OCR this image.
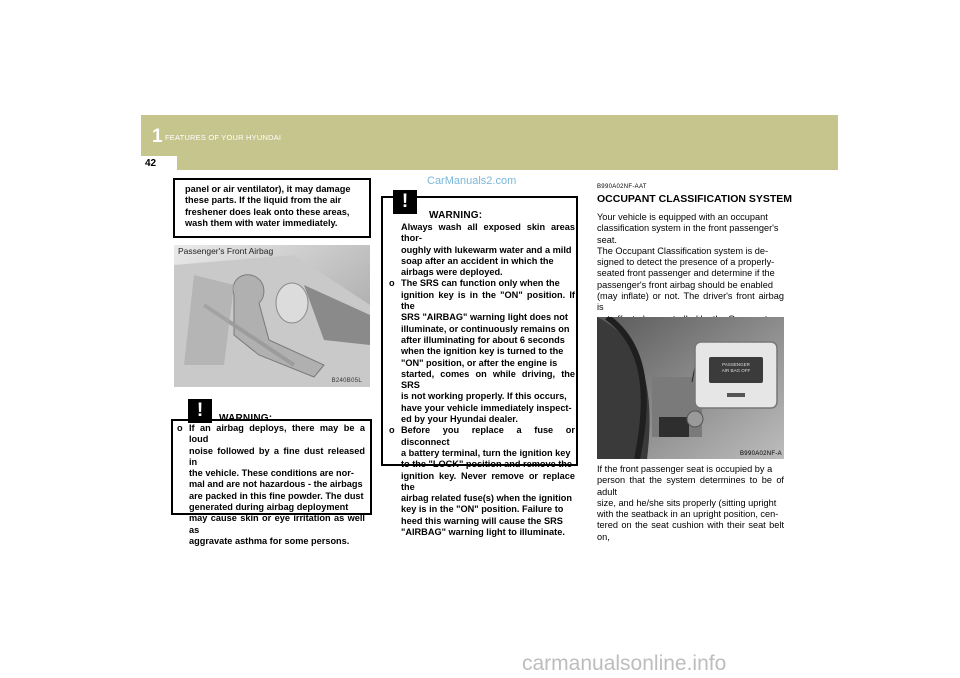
1 FEATURES OF YOUR HYUNDAI
42
panel or air ventilator), it may damage
these parts. If the liquid from the air
freshener does leak onto these areas,
wash them with water immediately.
Passenger's Front Airbag
B240B05L
!	WARNING:
o If an airbag deploys, there may be a loud
noise followed by a fine dust released in
the vehicle. These conditions are nor-
mal and are not hazardous - the airbags
are packed in this fine powder. The dust
generated during airbag deployment
may cause skin or eye irritation as well as
aggravate asthma for some persons.
CarManuals2.com
!
WARNING:
Always wash all exposed skin areas thor-
oughly with lukewarm water and a mild
soap after an accident in which the
airbags were deployed.
o The SRS can function only when the
ignition key is in the "ON" position. If the
SRS "AIRBAG" warning light does not
illuminate, or continuously remains on
after illuminating for about 6 seconds
when the ignition key is turned to the
"ON" position, or after the engine is
started, comes on while driving, the SRS
is not working properly. If this occurs,
have your vehicle immediately inspect-
ed by your Hyundai dealer.
o Before you replace a fuse or disconnect
a battery terminal, turn the ignition key
to the "LOCK" position and remove the
ignition key. Never remove or replace the
airbag related fuse(s) when the ignition
key is in the "ON" position. Failure to
heed this warning will cause the SRS
"AIRBAG" warning light to illuminate.
B990A02NF-AAT
OCCUPANT CLASSIFICATION SYSTEM
Your vehicle is equipped with an occupant
classification system in the front passenger's
seat.
The Occupant Classification system is de-
signed to detect the presence of a properly-
seated front passenger and determine if the
passenger's front airbag should be enabled
(may inflate) or not. The driver's front airbag is
PASSENGER
AIR BAG OFF
B990A02NF-A
If the front passenger seat is occupied by a
person that the system determines to be of adult
size, and he/she sits properly (sitting upright
with the seatback in an upright position, cen-
tered on the seat cushion with their seat belt on,
carmanualsonline.info
